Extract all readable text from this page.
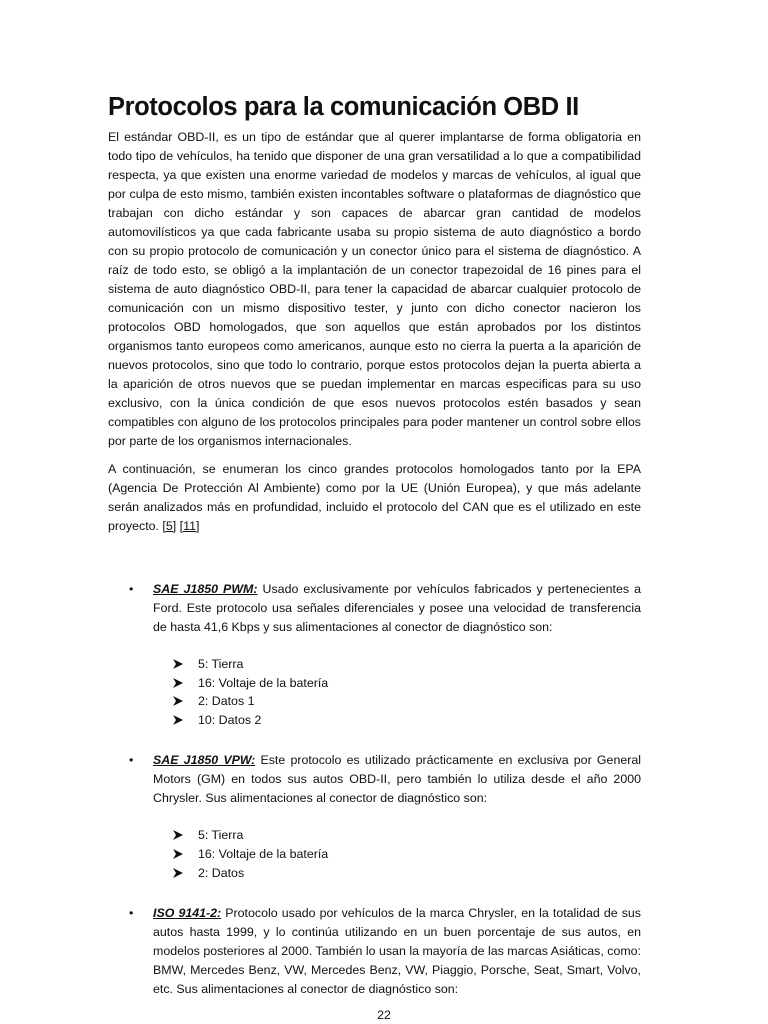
Protocolos para la comunicación OBD II

El estándar OBD-II, es un tipo de estándar que al querer implantarse de forma obligatoria en todo tipo de vehículos, ha tenido que disponer de una gran versatilidad a lo que a compatibilidad respecta, ya que existen una enorme variedad de modelos y marcas de vehículos, al igual que por culpa de esto mismo, también existen incontables software o plataformas de diagnóstico que trabajan con dicho estándar y son capaces de abarcar gran cantidad de modelos automovilísticos ya que cada fabricante usaba su propio sistema de auto diagnóstico a bordo con su propio protocolo de comunicación y un conector único para el sistema de diagnóstico. A raíz de todo esto, se obligó a la implantación de un conector trapezoidal de 16 pines para el sistema de auto diagnóstico OBD-II, para tener la capacidad de abarcar cualquier protocolo de comunicación con un mismo dispositivo tester, y junto con dicho conector nacieron los protocolos OBD homologados, que son aquellos que están aprobados por los distintos organismos tanto europeos como americanos, aunque esto no cierra la puerta a la aparición de nuevos protocolos, sino que todo lo contrario, porque estos protocolos dejan la puerta abierta a la aparición de otros nuevos que se puedan implementar en marcas especificas para su uso exclusivo, con la única condición de que esos nuevos protocolos estén basados y sean compatibles con alguno de los protocolos principales para poder mantener un control sobre ellos por parte de los organismos internacionales.

A continuación, se enumeran los cinco grandes protocolos homologados tanto por la EPA (Agencia De Protección Al Ambiente) como por la UE (Unión Europea), y que más adelante serán analizados más en profundidad, incluido el protocolo del CAN que es el utilizado en este proyecto. [5] [11]

• SAE J1850 PWM: Usado exclusivamente por vehículos fabricados y pertenecientes a Ford. Este protocolo usa señales diferenciales y posee una velocidad de transferencia de hasta 41,6 Kbps y sus alimentaciones al conector de diagnóstico son:

5: Tierra
16: Voltaje de la batería
2: Datos 1
10: Datos 2
• SAE J1850 VPW: Este protocolo es utilizado prácticamente en exclusiva por General Motors (GM) en todos sus autos OBD-II, pero también lo utiliza desde el año 2000 Chrysler. Sus alimentaciones al conector de diagnóstico son:

5: Tierra
16: Voltaje de la batería
2: Datos
• ISO 9141-2: Protocolo usado por vehículos de la marca Chrysler, en la totalidad de sus autos hasta 1999, y lo continúa utilizando en un buen porcentaje de sus autos, en modelos posteriores al 2000. También lo usan la mayoría de las marcas Asiáticas, como: BMW, Mercedes Benz, VW, Mercedes Benz, VW, Piaggio, Porsche, Seat, Smart, Volvo, etc. Sus alimentaciones al conector de diagnóstico son:

22
